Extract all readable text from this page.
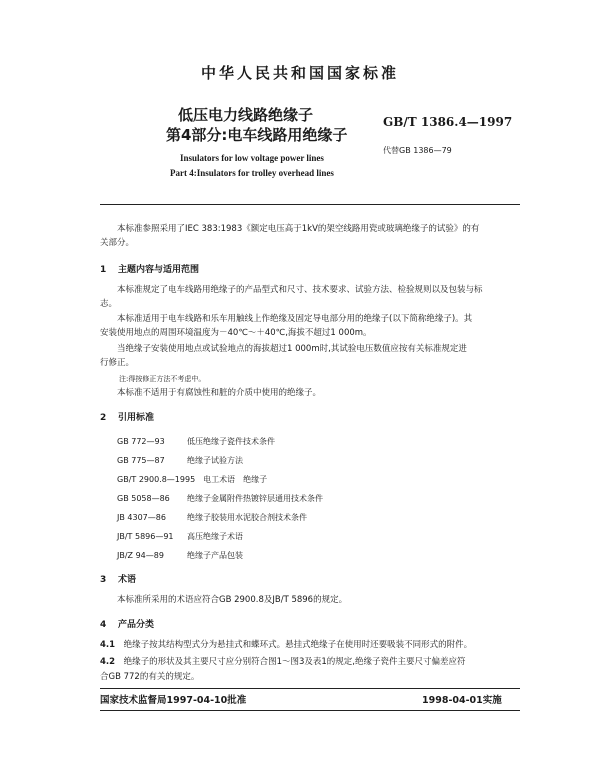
中华人民共和国国家标准
低压电力线路绝缘子
第4部分:电车线路用绝缘子
GB/T 1386.4—1997
代替GB 1386—79
Insulators for low voltage power lines
Part 4:Insulators for trolley overhead lines
本标准参照采用了IEC 383:1983《额定电压高于1kV的架空线路用瓷或玻璃绝缘子的试验》的有
关部分。
1 主题内容与适用范围
本标准规定了电车线路用绝缘子的产品型式和尺寸、技术要求、试验方法、检验规则以及包装与标
志。
本标准适用于电车线路和乐车用触线上作绝缘及固定导电部分用的绝缘子(以下简称绝缘子)。其
安装使用地点的周围环境温度为－40℃～＋40℃,海拔不超过1 000m。
当绝缘子安装使用地点或试验地点的海拔超过1 000m时,其试验电压数值应按有关标准规定进
行修正。
注:得按修正方法不考虑中。
本标准不适用于有腐蚀性和脏的介质中使用的绝缘子。
2 引用标准
GB 772—93　	低压绝缘子瓷件技术条件
GB 775—87　	绝缘子试验方法
GB/T 2900.8—1995　 电工术语　绝缘子
GB 5058—86　 绝缘子金属附件热镀锌层通用技术条件
JB 4307—86　	绝缘子胶装用水泥胶合剂技术条件
JB/T 5896—91　 高压绝缘子术语
JB/Z 94—89　	绝缘子产品包装
3 术语
本标准所采用的术语应符合GB 2900.8及JB/T 5896的规定。
4 产品分类
4.1　 绝缘子按其结构型式分为悬挂式和蝶环式。悬挂式绝缘子在使用时还要吸装不同形式的附件。
4.2　 绝缘子的形状及其主要尺寸应分别符合图1～图3及表1的规定,绝缘子瓷件主要尺寸偏差应符
合GB 772的有关的规定。
国家技术监督局1997-04-10批准	1998-04-01实施
